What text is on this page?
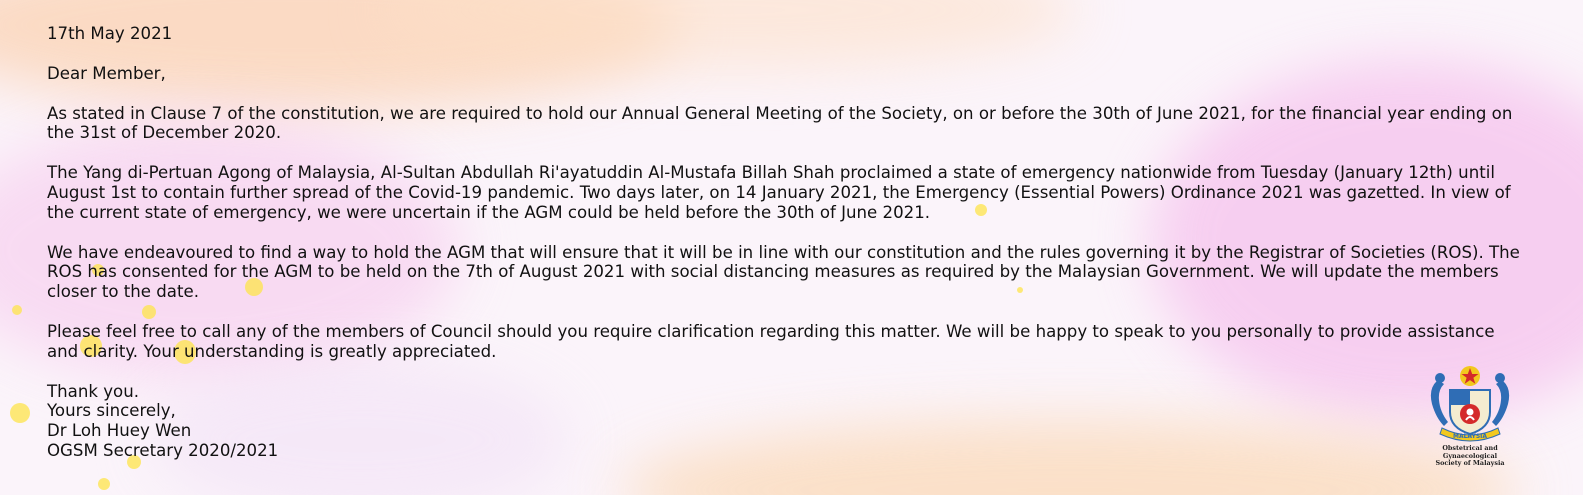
17th May 2021

Dear Member,

As stated in Clause 7 of the constitution, we are required to hold our Annual General Meeting of the Society, on or before the 30th of June 2021, for the financial year ending on the 31st of December 2020.

The Yang di-Pertuan Agong of Malaysia, Al-Sultan Abdullah Ri'ayatuddin Al-Mustafa Billah Shah proclaimed a state of emergency nationwide from Tuesday (January 12th) until August 1st to contain further spread of the Covid-19 pandemic. Two days later, on 14 January 2021, the Emergency (Essential Powers) Ordinance 2021 was gazetted. In view of the current state of emergency, we were uncertain if the AGM could be held before the 30th of June 2021.

We have endeavoured to find a way to hold the AGM that will ensure that it will be in line with our constitution and the rules governing it by the Registrar of Societies (ROS). The ROS has consented for the AGM to be held on the 7th of August 2021 with social distancing measures as required by the Malaysian Government. We will update the members closer to the date.

Please feel free to call any of the members of Council should you require clarification regarding this matter. We will be happy to speak to you personally to provide assistance and clarity. Your understanding is greatly appreciated.

Thank you.
Yours sincerely,
Dr Loh Huey Wen
OGSM Secretary 2020/2021
MALAYSIA
Obstetrical and Gynaecological
Society of Malaysia
